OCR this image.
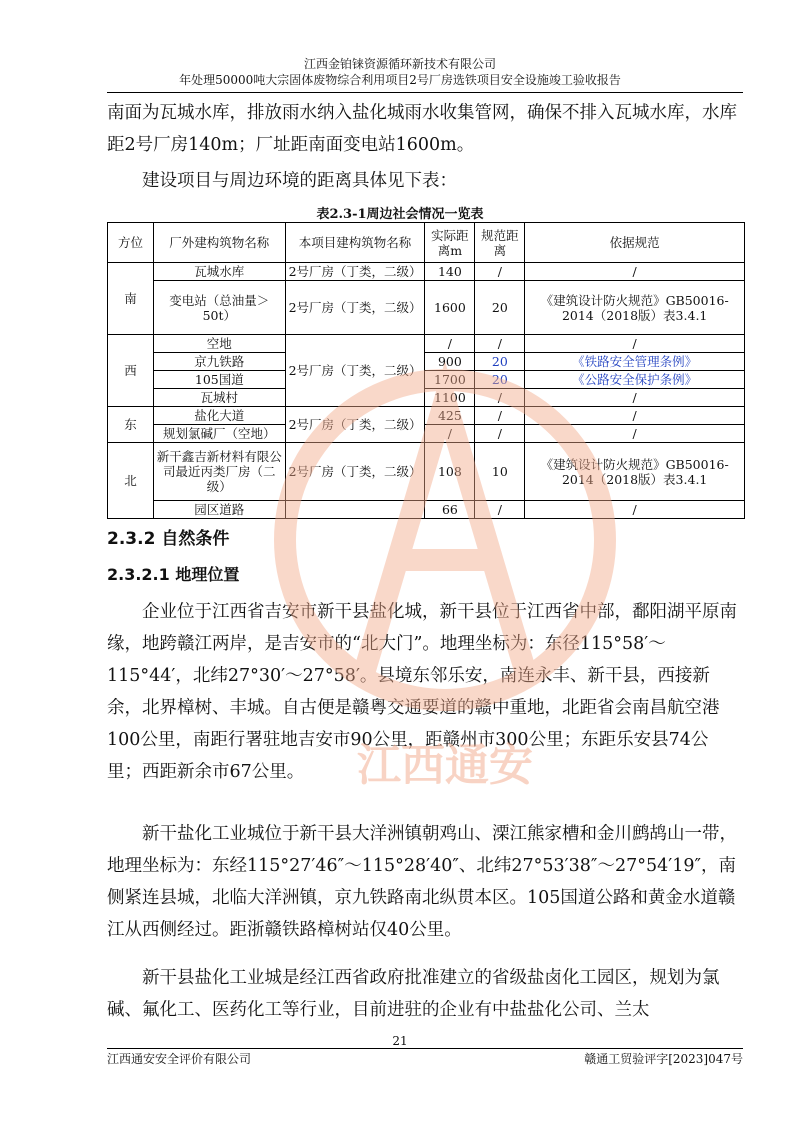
江西金铂铼资源循环新技术有限公司
年处理50000吨大宗固体废物综合利用项目2号厂房选铁项目安全设施竣工验收报告

南面为瓦城水库，排放雨水纳入盐化城雨水收集管网，确保不排入瓦城水库，水库距2号厂房140m；厂址距南面变电站1600m。

建设项目与周边环境的距离具体见下表：

表2.3-1周边社会情况一览表
方位	厂外建构筑物名称	本项目建构筑物名称	实际距离m	规范距离	依据规范
南	瓦城水库	2号厂房（丁类，二级）	140	/	/
	变电站（总油量＞50t）	2号厂房（丁类，二级）	1600	20	《建筑设计防火规范》GB50016-2014（2018版）表3.4.1
西	空地	2号厂房（丁类，二级）	/	/	/
	京九铁路		900	20	《铁路安全管理条例》
	105国道		1700	20	《公路安全保护条例》
	瓦城村		1100	/	/
东	盐化大道	2号厂房（丁类，二级）	425	/	/
	规划氯碱厂（空地）		/	/	/
北	新干鑫吉新材料有限公司最近丙类厂房（二级）	2号厂房（丁类，二级）	108	10	《建筑设计防火规范》GB50016-2014（2018版）表3.4.1
	园区道路		66	/	/
2.3.2 自然条件
2.3.2.1 地理位置

企业位于江西省吉安市新干县盐化城，新干县位于江西省中部，鄱阳湖平原南缘，地跨赣江两岸，是吉安市的“北大门”。地理坐标为：东径115°58′～115°44′，北纬27°30′～27°58′。县境东邻乐安，南连永丰、新干县，西接新余，北界樟树、丰城。自古便是赣粤交通要道的赣中重地，北距省会南昌航空港100公里，南距行署驻地吉安市90公里，距赣州市300公里；东距乐安县74公里；西距新余市67公里。

新干盐化工业城位于新干县大洋洲镇朝鸡山、溧江熊家槽和金川鹧鸪山一带，地理坐标为：东经115°27′46″～115°28′40″、北纬27°53′38″～27°54′19″，南侧紧连县城，北临大洋洲镇，京九铁路南北纵贯本区。105国道公路和黄金水道赣江从西侧经过。距浙赣铁路樟树站仅40公里。

新干县盐化工业城是经江西省政府批准建立的省级盐卤化工园区，规划为氯碱、氟化工、医药化工等行业，目前进驻的企业有中盐盐化公司、兰太

江西通安
21
江西通安安全评价有限公司	赣通工贸验评字[2023]047号
